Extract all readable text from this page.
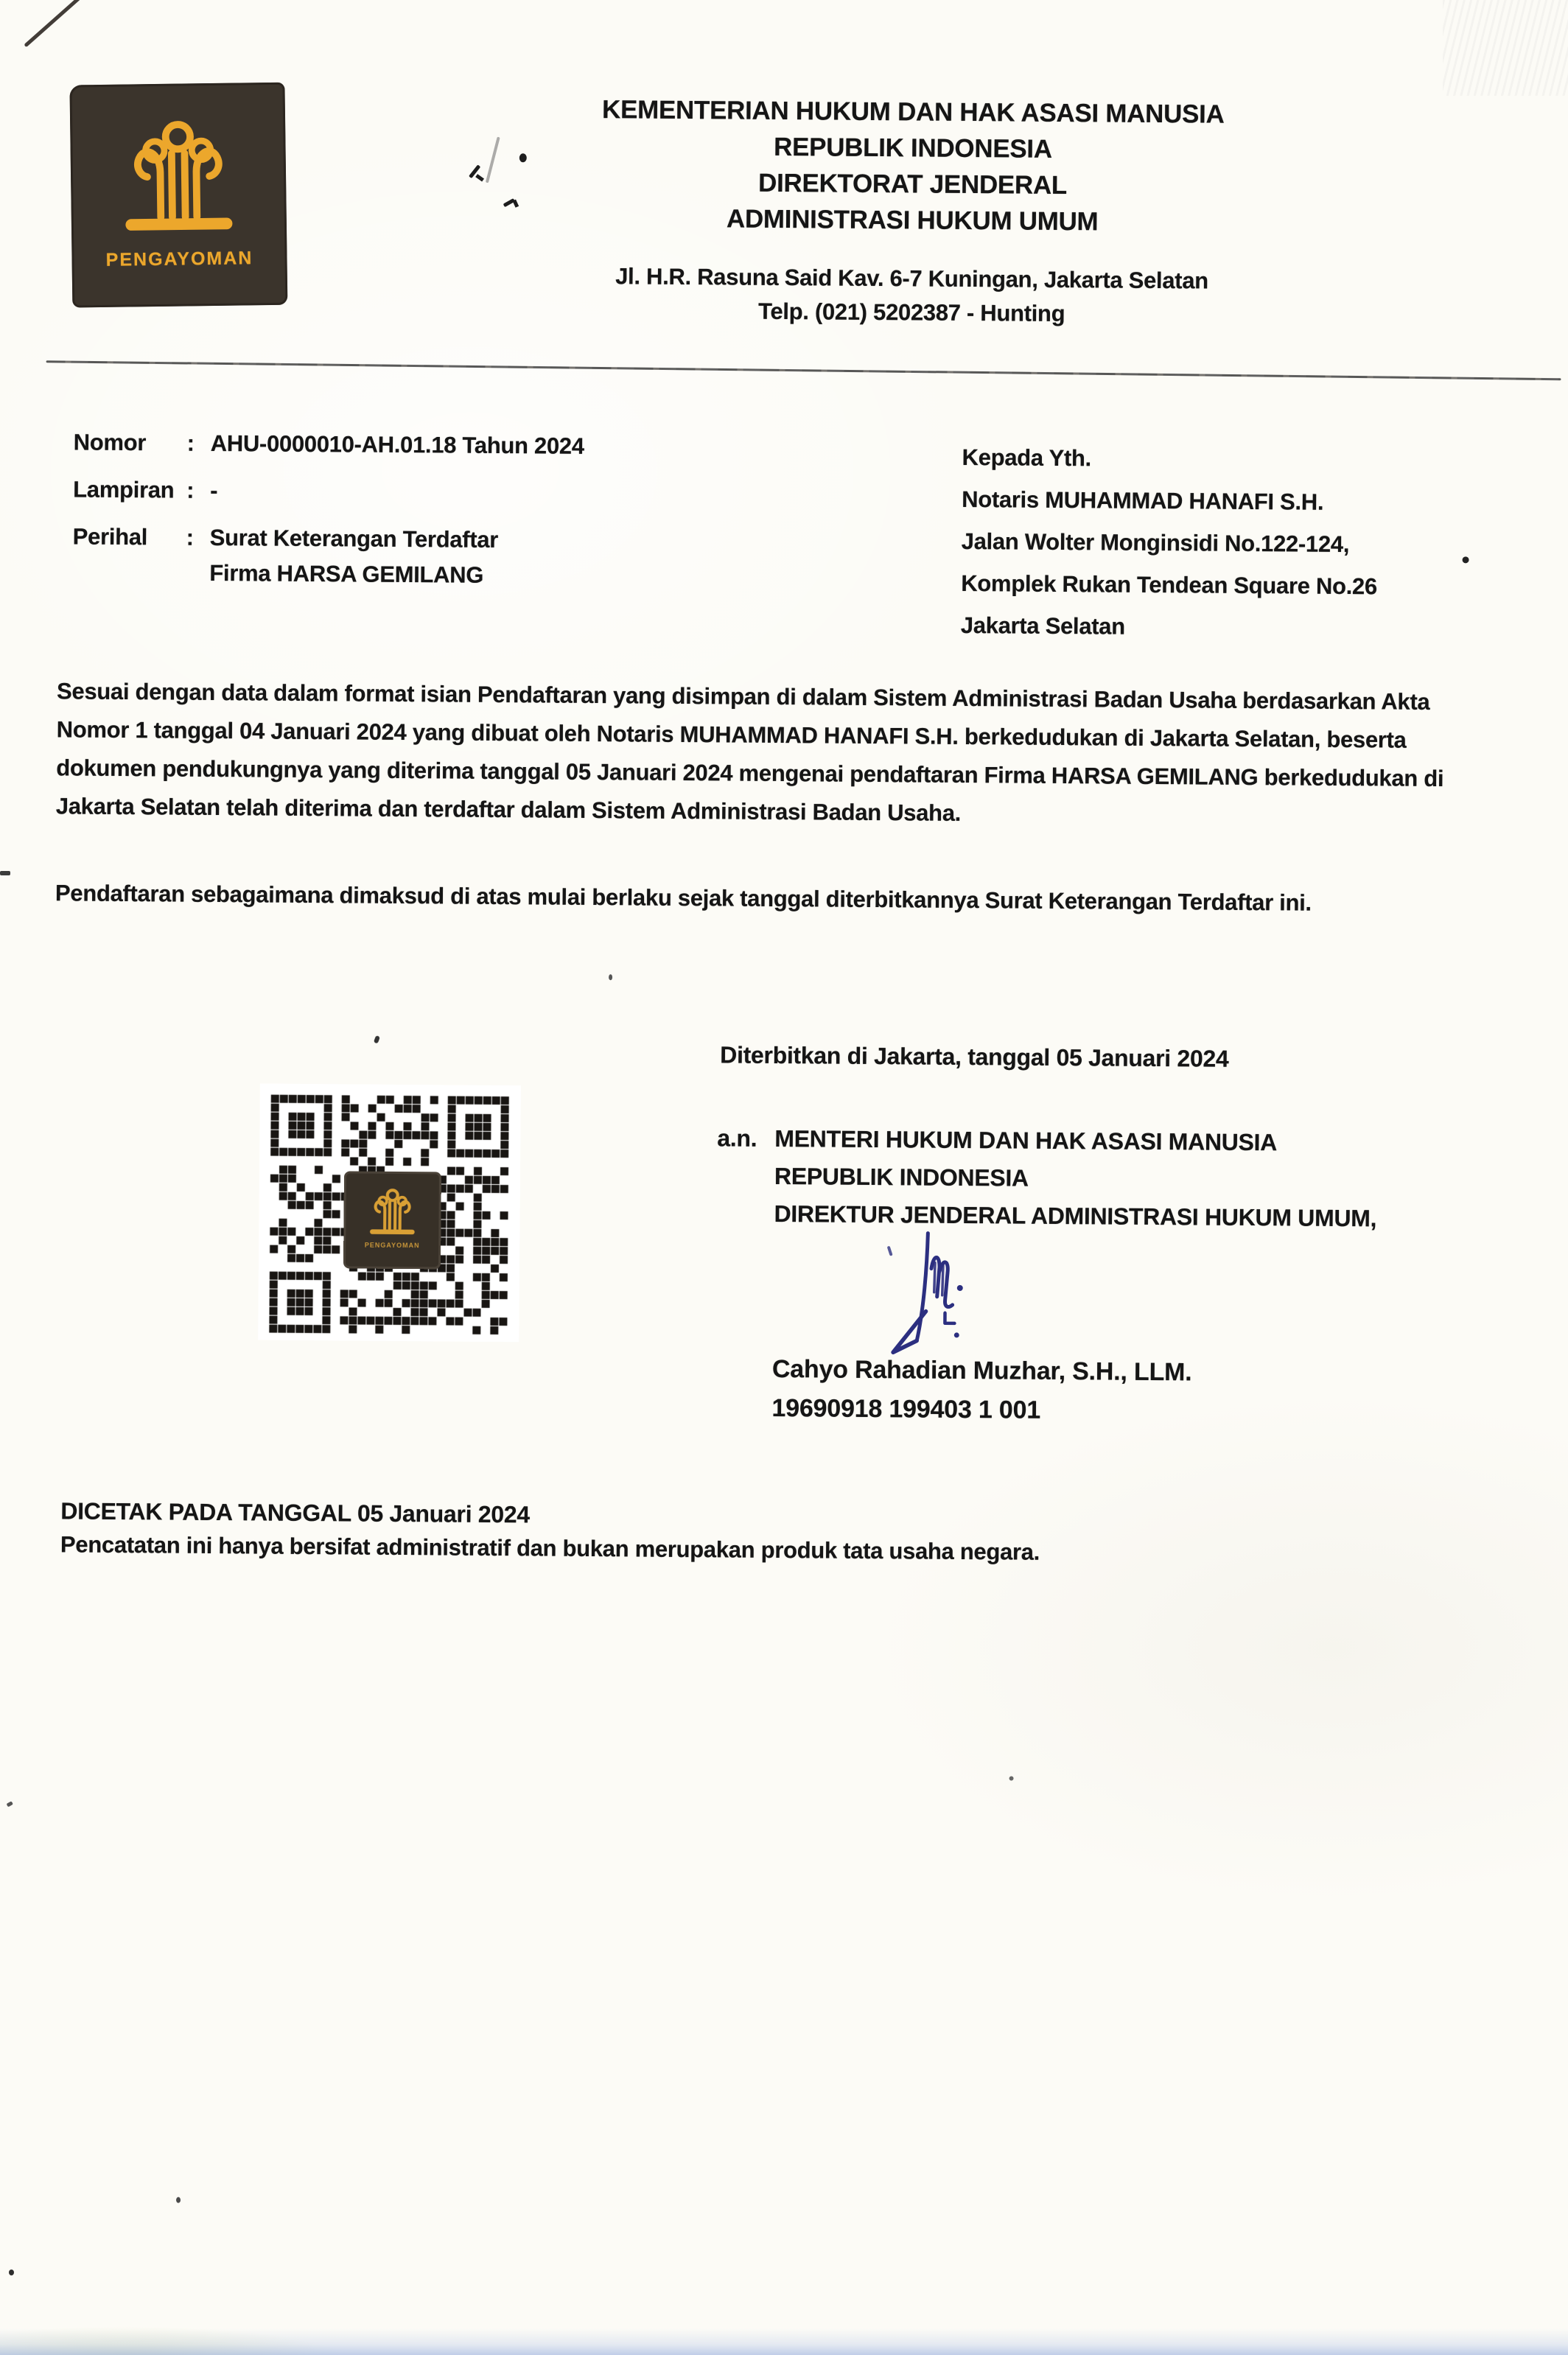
PENGAYOMAN
KEMENTERIAN HUKUM DAN HAK ASASI MANUSIA
REPUBLIK INDONESIA
DIREKTORAT JENDERAL
ADMINISTRASI HUKUM UMUM
Jl. H.R. Rasuna Said Kav. 6-7 Kuningan, Jakarta Selatan
Telp. (021) 5202387 - Hunting
Nomor	: AHU-0000010-AH.01.18 Tahun 2024
Lampiran : -
Perihal	: Surat Keterangan Terdaftar
Firma HARSA GEMILANG
Kepada Yth.
Notaris MUHAMMAD HANAFI S.H.
Jalan Wolter Monginsidi No.122-124,
Komplek Rukan Tendean Square No.26
Jakarta Selatan
Sesuai dengan data dalam format isian Pendaftaran yang disimpan di dalam Sistem Administrasi Badan Usaha berdasarkan Akta Nomor 1 tanggal 04 Januari 2024 yang dibuat oleh Notaris MUHAMMAD HANAFI S.H. berkedudukan di Jakarta Selatan, beserta dokumen pendukungnya yang diterima tanggal 05 Januari 2024 mengenai pendaftaran Firma HARSA GEMILANG berkedudukan di Jakarta Selatan telah diterima dan terdaftar dalam Sistem Administrasi Badan Usaha.
Pendaftaran sebagaimana dimaksud di atas mulai berlaku sejak tanggal diterbitkannya Surat Keterangan Terdaftar ini.
Diterbitkan di Jakarta, tanggal 05 Januari 2024
a.n. MENTERI HUKUM DAN HAK ASASI MANUSIA
REPUBLIK INDONESIA
DIREKTUR JENDERAL ADMINISTRASI HUKUM UMUM,
Cahyo Rahadian Muzhar, S.H., LLM.
19690918 199403 1 001
PENGAYOMAN
DICETAK PADA TANGGAL 05 Januari 2024
Pencatatan ini hanya bersifat administratif dan bukan merupakan produk tata usaha negara.
